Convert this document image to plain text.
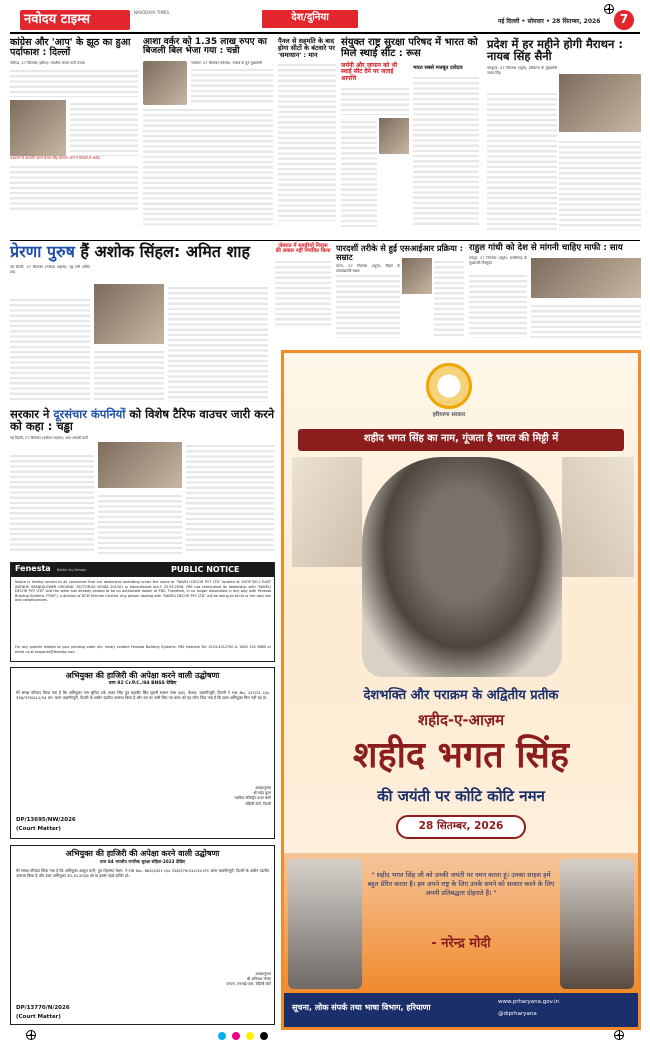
नवोदय टाइम्स	NAVODAYA TIMES	देश/दुनिया	नई दिल्ली • सोमवार • 28 सितम्बर, 2026	7
कांग्रेस और 'आप' के झूठ का हुआ पर्दाफाश : दिल्लों
चंडीगढ़, 27 सितम्बर (हरीश): भारतीय जनता पार्टी पंजाब
पत्रकारों से बातचीत करते केवल सिंह दिल्लों। जागे वे विजयों से आदि।
आशा वर्कर को 1.35 लाख रुपए का बिजली बिल भेजा गया : चन्नी
जालंधर, 27 सितम्बर (विशेष): पंजाब के पूर्व मुख्यमंत्री
पैनल से सहमति के बाद होगा सीटों के बंटवारे पर 'समाधान' : मान
संयुक्त राष्ट्र सुरक्षा परिषद में भारत को मिले स्थाई सीट : रूस
जर्मनी और जापान को भी स्थाई सीट देने पर जताई आपत्ति
भारत सबसे मजबूत दावेदार
प्रदेश में हर महीने होगी मैराथन : नायब सिंह सैनी
पंचकूला, 27 सितम्बर (ब्यूरो): हरियाणा के मुख्यमंत्री नायब सिंह
प्रेरणा पुरुष हैं अशोक सिंहल: अमित शाह
नई दिल्ली, 27 सितम्बर (नवोदय टाइम्स): गृह मंत्री अमित शाह
जेवरात में सवारियों निवास की सवाल नहीं नियंत्रित किया पारदर्शी तरीके से हुई एसआईआर प्रक्रिया : सम्राट
पटना, 27 सितम्बर (ब्यूरो): बिहार के
राहुल गांधी को देश से मांगनी चाहिए माफी : साय
रायपुर, 27 सितम्बर (ब्यूरो): छत्तीसगढ़ के मुख्यमंत्री विष्णुदेव
सरकार ने दूरसंचार कंपनियों को विशेष टैरिफ वाउचर जारी करने को कहा : चड्ढा
नई दिल्ली, 27 सितम्बर (नवोदय टाइम्स): आम आदमी पार्टी
Fenesta Better by Design	PUBLIC NOTICE
Notice is hereby served to all concerned that our dealership operating under the name of "NAVELI DECOR PVT LTD" located at SHOP NO.2 EAST AVENUE GRAND/LOWER GROUND, SECTOR-63 NOIDA 201301 is discontinued w.e.f. 25.09.2026. FBS has terminated its dealership with "NAVELI DECOR PVT LTD" and the other has already ceased to be an authorised dealer of FBS. Therefore, in no longer associated in any way with Fenesta Building Systems ("FBS"), a division of DCM Shriram Limited. Any person dealing with "NAVELI DECOR PVT LTD" will be doing so at his or her own risk and consequences.
For any queries related to your pending order etc, kindly contact Fenesta Building Systems. FBS Helpline Tel: 0124-4512700 & 1800 102 9880 or email us at response@fenesta.com
अभियुक्त की हाजिरी की अपेक्षा करने वाली उद्घोषणा
धारा 82 Cr.P.C./84 BNSS देखिए
मेरे समक्ष परिवाद किया गया है कि अभियुक्त नाम सुमित उर्फ अजय सिंह पुत्र महावीर सिंह मूलनी मकान नंबर 461, कैथल, जहांगीरपुरी, दिल्ली ने FIR No. 137/21 U/s 356/379/411/34 IPC थाना जहांगीरपुरी, दिल्ली के अधीन दंडनीय अपराध किया है और उस पर जारी किए गए वारंट को यह लौटा दिया गया है कि उक्त अभियुक्त मिल नहीं रहा है।
आदेशानुसार
श्री सईद बुचर
न्यायिक मजिस्ट्रेट प्रथम श्रेणी
रोहिणी कोर्ट, दिल्ली
DP/13695/NW/2026
(Court Matter)
अभियुक्त की हाजिरी की अपेक्षा करने वाली उद्घोषणा
धारा 84 भारतीय नागरिक सुरक्षा संहिता-2023 देखिए
मेरे समक्ष परिवाद किया गया है कि अभियुक्त अब्दुल फनी, पुत्र मोहम्मद रोशन, ने FIR No.: 682/2021 U/s 328/379/411/34 IPC थाना जहांगीरपुरी, दिल्ली के अधीन दंडनीय अपराध किया है और उक्त अभियुक्त 30.10.2026 को या इससे पहले हाजिर हो।
आदेशानुसार
श्री अविनाश गोयल
एमएम, एनआई एक्ट, रोहिणी कोर्ट
DP/13770/N/2026
(Court Matter)
हरियाणा सरकार
शहीद भगत सिंह का नाम, गूंजता है भारत की मिट्टी में
देशभक्ति और पराक्रम के अद्वितीय प्रतीक
शहीद-ए-आज़म
शहीद भगत सिंह
की जयंती पर कोटि कोटि नमन
28 सितम्बर, 2026
" शहीद भगत सिंह जी को उनकी जयंती पर नमन करता हूं। उनका साहस हमें बहुत प्रेरित करता है। हम अपने राष्ट्र के लिए उनके सपने को साकार करने के लिए अपनी प्रतिबद्धता दोहराते हैं। "
- नरेन्द्र मोदी
सूचना, लोक संपर्क तथा भाषा विभाग, हरियाणा
www.prharyana.gov.in
@diprharyana
